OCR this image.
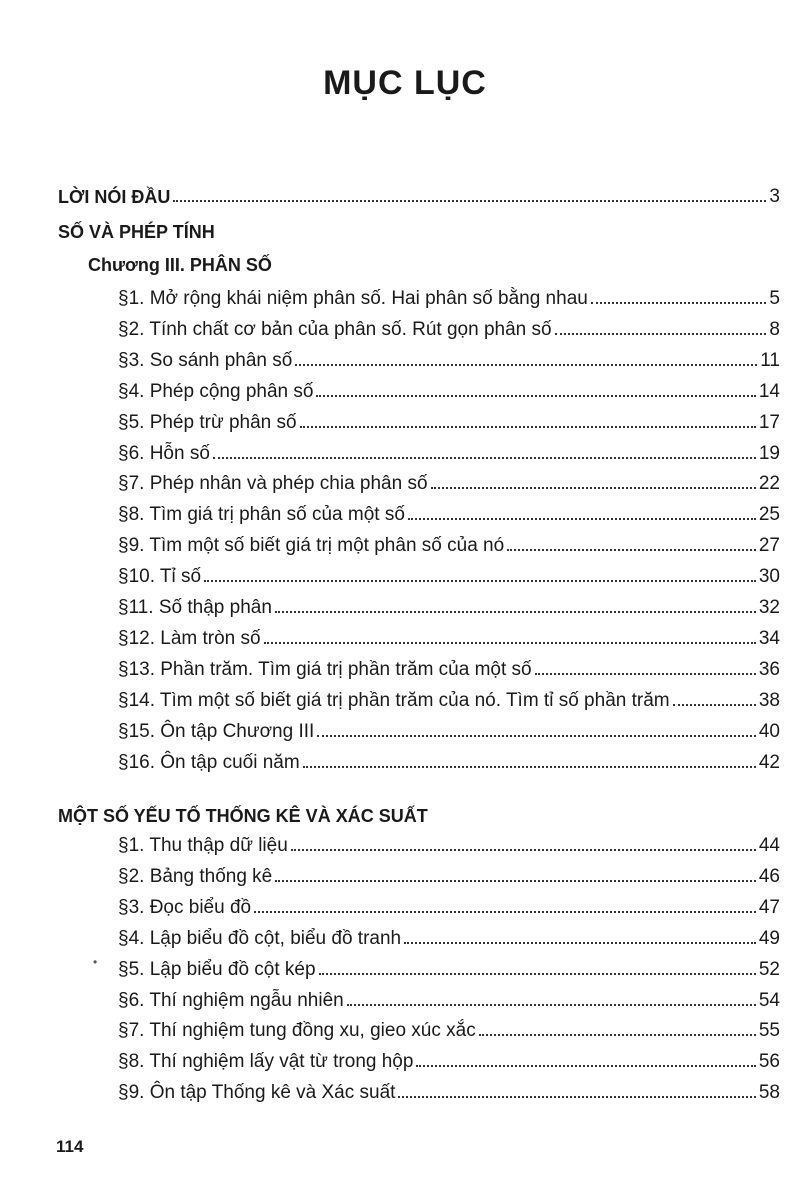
MỤC LỤC
LỜI NÓI ĐẦU	3
SỐ VÀ PHÉP TÍNH
Chương III. PHÂN SỐ
§1. Mở rộng khái niệm phân số. Hai phân số bằng nhau	5
§2. Tính chất cơ bản của phân số. Rút gọn phân số	8
§3. So sánh phân số	11
§4. Phép cộng phân số	14
§5. Phép trừ phân số	17
§6. Hỗn số	19
§7. Phép nhân và phép chia phân số	22
§8. Tìm giá trị phân số của một số	25
§9. Tìm một số biết giá trị một phân số của nó	27
§10. Tỉ số	30
§11. Số thập phân	32
§12. Làm tròn số	34
§13. Phần trăm. Tìm giá trị phần trăm của một số	36
§14. Tìm một số biết giá trị phần trăm của nó. Tìm tỉ số phần trăm	38
§15. Ôn tập Chương III	40
§16. Ôn tập cuối năm	42
MỘT SỐ YẾU TỐ THỐNG KÊ VÀ XÁC SUẤT
§1. Thu thập dữ liệu	44
§2. Bảng thống kê	46
§3. Đọc biểu đồ	47
§4. Lập biểu đồ cột, biểu đồ tranh	49
§5. Lập biểu đồ cột kép	52
§6. Thí nghiệm ngẫu nhiên	54
§7. Thí nghiệm tung đồng xu, gieo xúc xắc	55
§8. Thí nghiệm lấy vật từ trong hộp	56
§9. Ôn tập Thống kê và Xác suất	58
114
•
